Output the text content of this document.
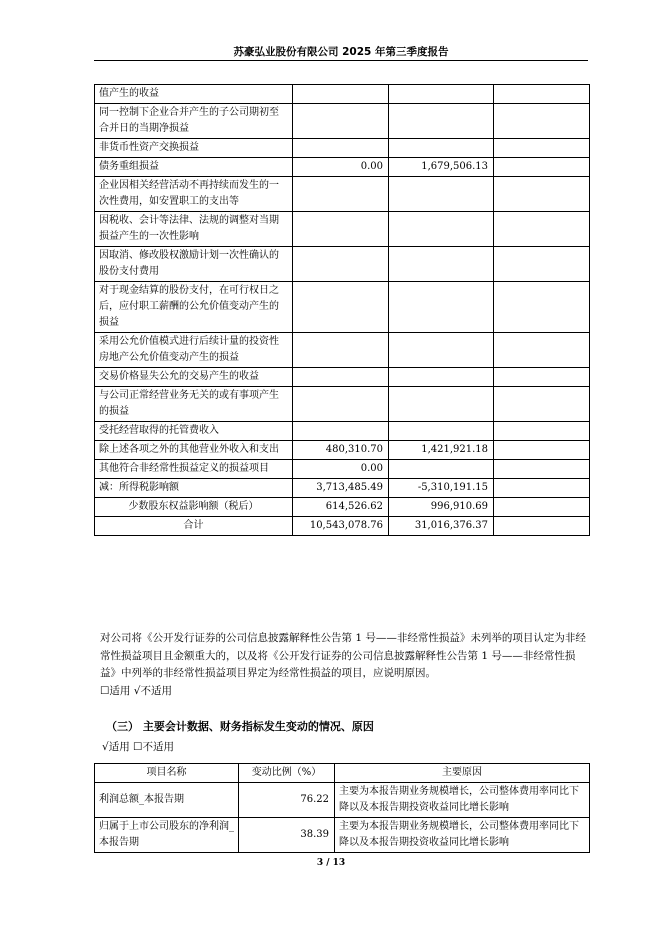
苏豪弘业股份有限公司 2025 年第三季度报告
值产生的收益			
同一控制下企业合并产生的子公司期初至合并日的当期净损益			
非货币性资产交换损益			
债务重组损益	0.00	1,679,506.13	
企业因相关经营活动不再持续而发生的一次性费用，如安置职工的支出等			
因税收、会计等法律、法规的调整对当期损益产生的一次性影响			
因取消、修改股权激励计划一次性确认的股份支付费用			
对于现金结算的股份支付，在可行权日之后，应付职工薪酬的公允价值变动产生的损益			
采用公允价值模式进行后续计量的投资性房地产公允价值变动产生的损益			
交易价格显失公允的交易产生的收益			
与公司正常经营业务无关的或有事项产生的损益			
受托经营取得的托管费收入			
除上述各项之外的其他营业外收入和支出	480,310.70	1,421,921.18	
其他符合非经常性损益定义的损益项目	0.00		
减：所得税影响额	3,713,485.49	-5,310,191.15	
少数股东权益影响额（税后）	614,526.62	996,910.69	
合计	10,543,078.76	31,016,376.37	

对公司将《公开发行证券的公司信息披露解释性公告第 1 号——非经常性损益》未列举的项目认定为非经常性损益项目且金额重大的，以及将《公开发行证券的公司信息披露解释性公告第 1 号——非经常性损益》中列举的非经常性损益项目界定为经常性损益的项目，应说明原因。

☐适用 √不适用

（三） 主要会计数据、财务指标发生变动的情况、原因
√适用 ☐不适用
项目名称	变动比例（%）	主要原因
利润总额_本报告期	76.22	主要为本报告期业务规模增长，公司整体费用率同比下降以及本报告期投资收益同比增长影响
归属于上市公司股东的净利润_本报告期	38.39	主要为本报告期业务规模增长，公司整体费用率同比下降以及本报告期投资收益同比增长影响
3 / 13
